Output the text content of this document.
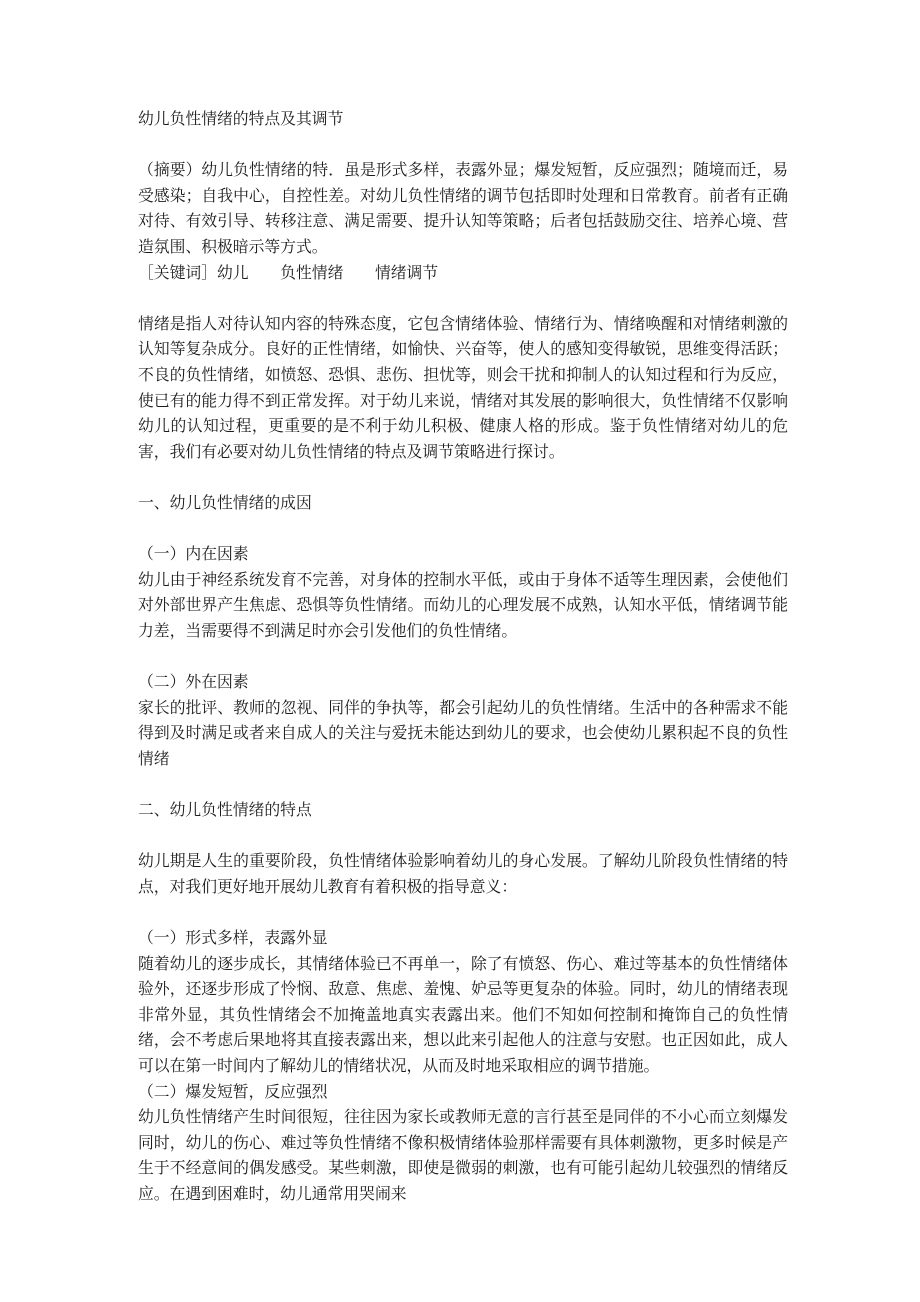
幼儿负性情绪的特点及其调节

（摘要）幼儿负性情绪的特．虽是形式多样，表露外显；爆发短暂，反应强烈；随境而迁，易受感染；自我中心，自控性差。对幼儿负性情绪的调节包括即时处理和日常教育。前者有正确对待、有效引导、转移注意、满足需要、提升认知等策略；后者包括鼓励交往、培养心境、营造氛围、积极暗示等方式。

［关键词］幼儿　　负性情绪　　情绪调节

情绪是指人对待认知内容的特殊态度，它包含情绪体验、情绪行为、情绪唤醒和对情绪刺激的认知等复杂成分。良好的正性情绪，如愉快、兴奋等，使人的感知变得敏锐，思维变得活跃；不良的负性情绪，如愤怒、恐惧、悲伤、担忧等，则会干扰和抑制人的认知过程和行为反应，使已有的能力得不到正常发挥。对于幼儿来说，情绪对其发展的影响很大，负性情绪不仅影响幼儿的认知过程，更重要的是不利于幼儿积极、健康人格的形成。鉴于负性情绪对幼儿的危害，我们有必要对幼儿负性情绪的特点及调节策略进行探讨。

一、幼儿负性情绪的成因

（一）内在因素

幼儿由于神经系统发育不完善，对身体的控制水平低，或由于身体不适等生理因素，会使他们对外部世界产生焦虑、恐惧等负性情绪。而幼儿的心理发展不成熟，认知水平低，情绪调节能力差，当需要得不到满足时亦会引发他们的负性情绪。

（二）外在因素

家长的批评、教师的忽视、同伴的争执等，都会引起幼儿的负性情绪。生活中的各种需求不能得到及时满足或者来自成人的关注与爱抚未能达到幼儿的要求，也会使幼儿累积起不良的负性情绪

二、幼儿负性情绪的特点

幼儿期是人生的重要阶段，负性情绪体验影响着幼儿的身心发展。了解幼儿阶段负性情绪的特点，对我们更好地开展幼儿教育有着积极的指导意义：

（一）形式多样，表露外显

随着幼儿的逐步成长，其情绪体验已不再单一，除了有愤怒、伤心、难过等基本的负性情绪体验外，还逐步形成了怜悯、敌意、焦虑、羞愧、妒忌等更复杂的体验。同时，幼儿的情绪表现非常外显，其负性情绪会不加掩盖地真实表露出来。他们不知如何控制和掩饰自己的负性情绪，会不考虑后果地将其直接表露出来，想以此来引起他人的注意与安慰。也正因如此，成人可以在第一时间内了解幼儿的情绪状况，从而及时地采取相应的调节措施。

（二）爆发短暂，反应强烈

幼儿负性情绪产生时间很短，往往因为家长或教师无意的言行甚至是同伴的不小心而立刻爆发同时，幼儿的伤心、难过等负性情绪不像积极情绪体验那样需要有具体刺激物，更多时候是产生于不经意间的偶发感受。某些刺激，即使是微弱的刺激，也有可能引起幼儿较强烈的情绪反应。在遇到困难时，幼儿通常用哭闹来
